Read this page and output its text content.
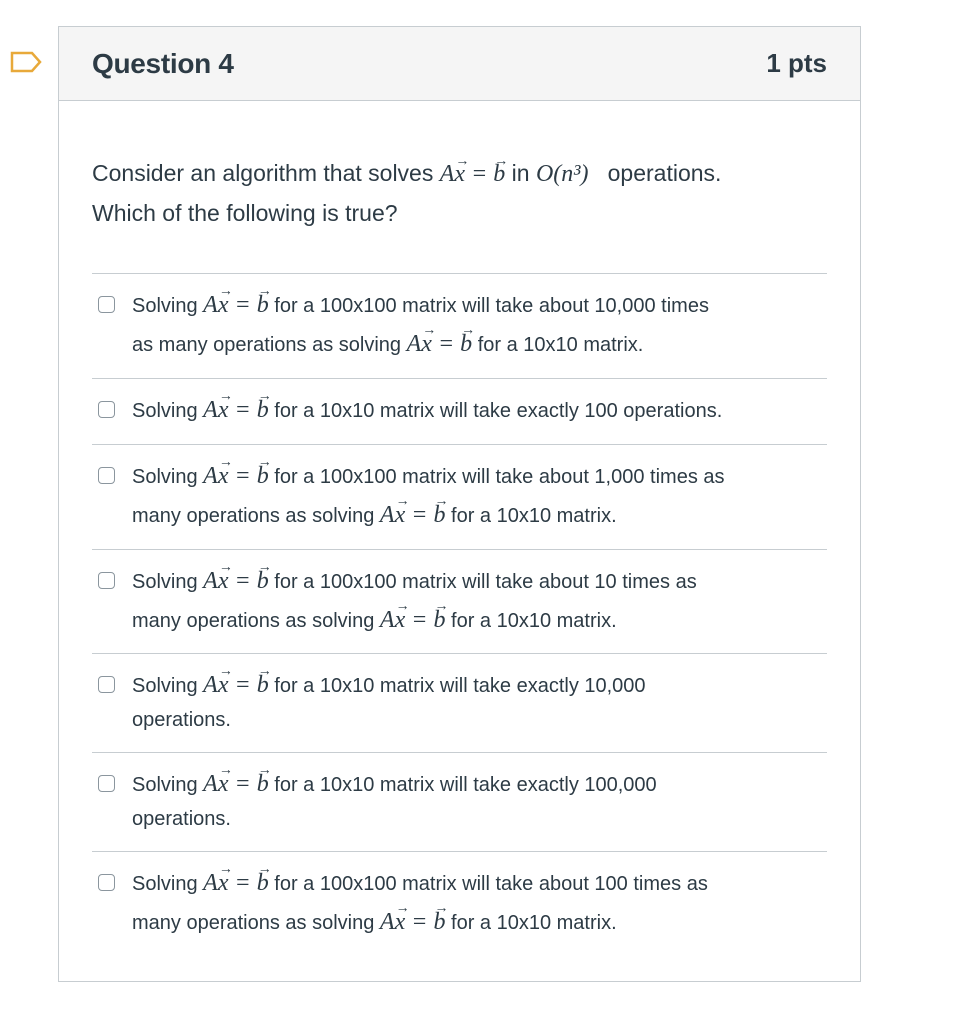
Question 4	1 pts
Consider an algorithm that solves A→ x = → b in O(n³) operations.
Which of the following is true?
Solving A→ x = → b for a 100x100 matrix will take about 10,000 times
as many operations as solving A→ x = → b for a 10x10 matrix.
Solving A→ x = → b for a 10x10 matrix will take exactly 100 operations.
Solving A→ x = → b for a 100x100 matrix will take about 1,000 times as
many operations as solving A→ x = → b for a 10x10 matrix.
Solving A→ x = → b for a 100x100 matrix will take about 10 times as
many operations as solving A→ x = → b for a 10x10 matrix.
Solving A→ x = → b for a 10x10 matrix will take exactly 10,000
operations.
Solving A→ x = → b for a 10x10 matrix will take exactly 100,000
operations.
Solving A→ x = → b for a 100x100 matrix will take about 100 times as
many operations as solving A→ x = → b for a 10x10 matrix.
